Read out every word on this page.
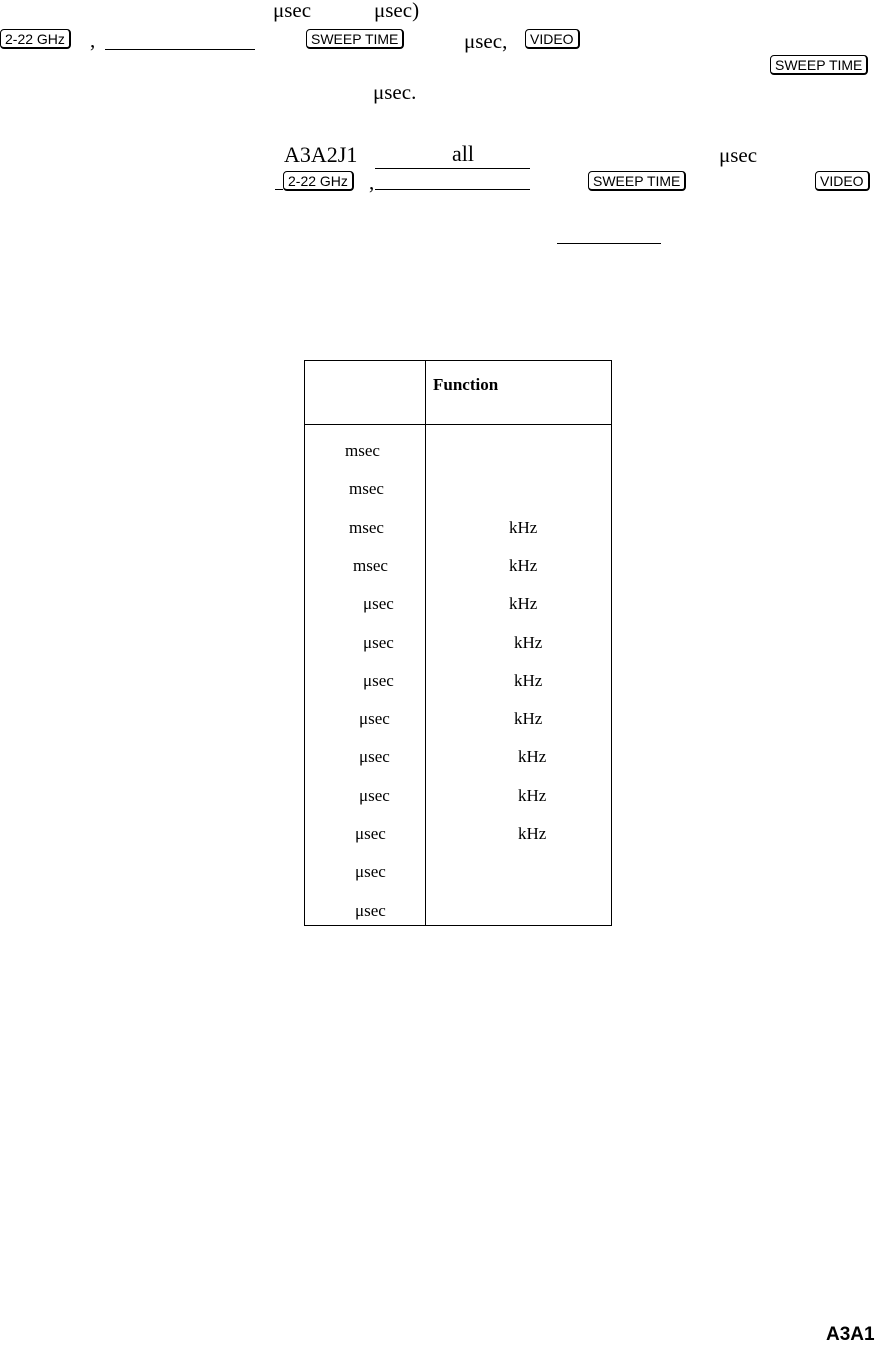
μsec	μsec)
2-22 GHz ,	SWEEP TIME	μsec,	VIDEO
SWEEP TIME
μsec.
A3A2J1	all	μsec
2-22 GHz ,	SWEEP TIME	VIDEO
Function
msec
msec
msec	kHz
msec	kHz
μsec	kHz
μsec	kHz
μsec	kHz
μsec	kHz
μsec	kHz
μsec	kHz
μsec	kHz
μsec
μsec
A3A1
